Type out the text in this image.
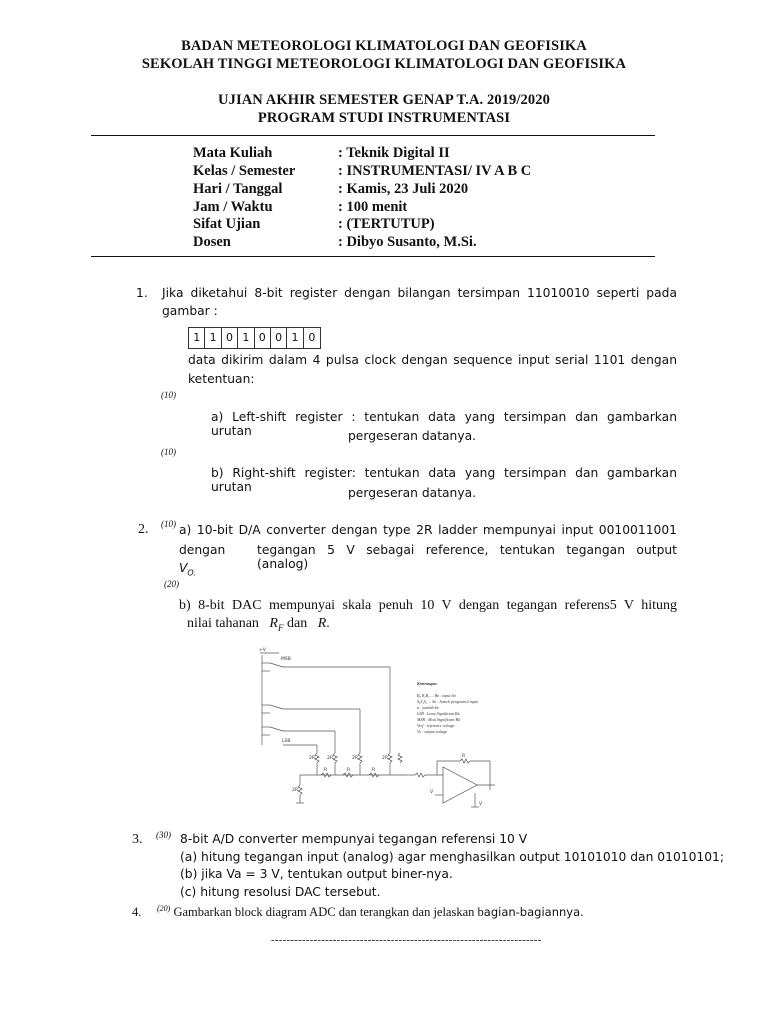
BADAN METEOROLOGI KLIMATOLOGI DAN GEOFISIKA
SEKOLAH TINGGI METEOROLOGI KLIMATOLOGI DAN GEOFISIKA
UJIAN AKHIR SEMESTER GENAP T.A. 2019/2020
PROGRAM STUDI INSTRUMENTASI
Mata Kuliah	: Teknik Digital II
Kelas / Semester	: INSTRUMENTASI/ IV A B C
Hari / Tanggal	: Kamis, 23 Juli 2020
Jam / Waktu	: 100 menit
Sifat Ujian	: (TERTUTUP)
Dosen	: Dibyo Susanto, M.Si.
1. Jika diketahui 8-bit register dengan bilangan tersimpan 11010010 seperti pada
gambar :
1 1 0 1 0 0 1 0
data dikirim dalam 4 pulsa clock dengan sequence input serial 1101 dengan
ketentuan:
(10)
a) Left-shift register : tentukan data yang tersimpan dan gambarkan urutan	pergeseran datanya.
(10)
b) Right-shift register: tentukan data yang tersimpan dan gambarkan urutan	pergeseran datanya.
2. (10) a) 10-bit D/A converter dengan type 2R ladder mempunyai input 0010011001
dengan	tegangan 5 V sebagai reference, tentukan tegangan output (analog)
$V_{O.}$
(20)
b) 8-bit DAC mempunyai skala penuh 10 V dengan tegangan referens5 V hitung
nilai tahanan $R_F$ dan R.
+V
MSB
LSB
2R	2R	2R	2R
2R
R	R	R
R
V
V
Keterangan:
B₀ B₁B₂ ... Bn : input bit
S₀S₁S₂ ... Sn : Switch pengontrol input
n : jumlah bit
LSB : Least Significant Bit
MSB : Most Significant Bit
Vref : reference voltage
Vo : output voltage
3. (30) 8-bit A/D converter mempunyai tegangan referensi 10 V
(a) hitung tegangan input (analog) agar menghasilkan output 10101010 dan 01010101;
(b) jika Va = 3 V, tentukan output biner-nya.
(c) hitung resolusi DAC tersebut.
4. $^{(20)}$ Gambarkan block diagram ADC dan terangkan dan jelaskan bagian-bagiannya.
----------------------------------------------------------------------
